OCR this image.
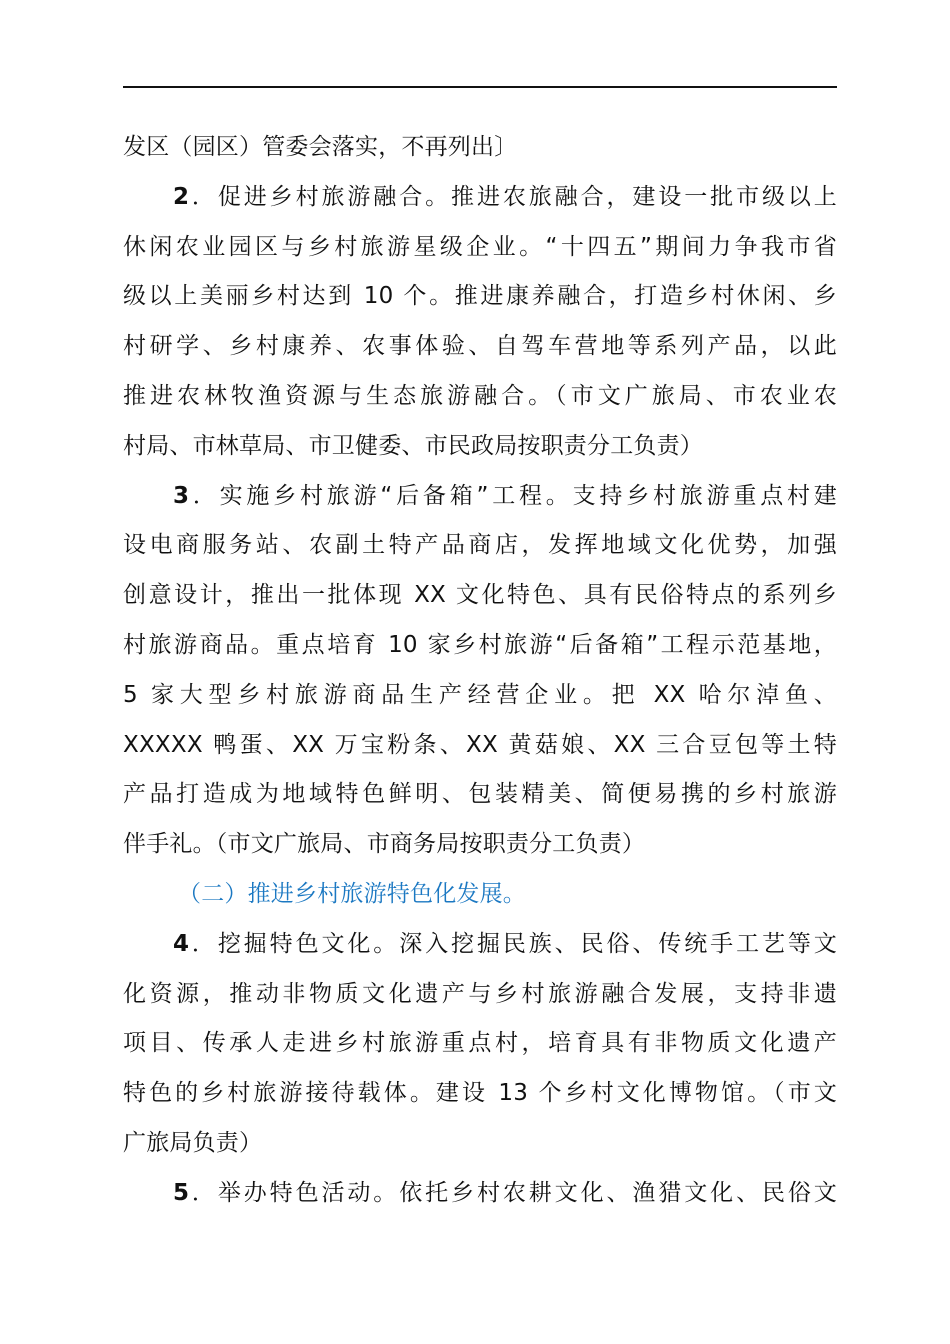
发区（园区）管委会落实，不再列出〕
2．促进乡村旅游融合。推进农旅融合，建设一批市级以上
休闲农业园区与乡村旅游星级企业。“十四五”期间力争我市省
级以上美丽乡村达到 10 个。推进康养融合，打造乡村休闲、乡
村研学、乡村康养、农事体验、自驾车营地等系列产品，以此
推进农林牧渔资源与生态旅游融合。（市文广旅局、市农业农
村局、市林草局、市卫健委、市民政局按职责分工负责）
3．实施乡村旅游“后备箱”工程。支持乡村旅游重点村建
设电商服务站、农副土特产品商店，发挥地域文化优势，加强
创意设计，推出一批体现 XX 文化特色、具有民俗特点的系列乡
村旅游商品。重点培育 10 家乡村旅游“后备箱”工程示范基地，
5 家大型乡村旅游商品生产经营企业。把 XX 哈尔淖鱼、
XXXXX 鸭蛋、XX 万宝粉条、XX 黄菇娘、XX 三合豆包等土特
产品打造成为地域特色鲜明、包装精美、简便易携的乡村旅游
伴手礼。（市文广旅局、市商务局按职责分工负责）
（二）推进乡村旅游特色化发展。
4．挖掘特色文化。深入挖掘民族、民俗、传统手工艺等文
化资源，推动非物质文化遗产与乡村旅游融合发展，支持非遗
项目、传承人走进乡村旅游重点村，培育具有非物质文化遗产
特色的乡村旅游接待载体。建设 13 个乡村文化博物馆。（市文
广旅局负责）
5．举办特色活动。依托乡村农耕文化、渔猎文化、民俗文
